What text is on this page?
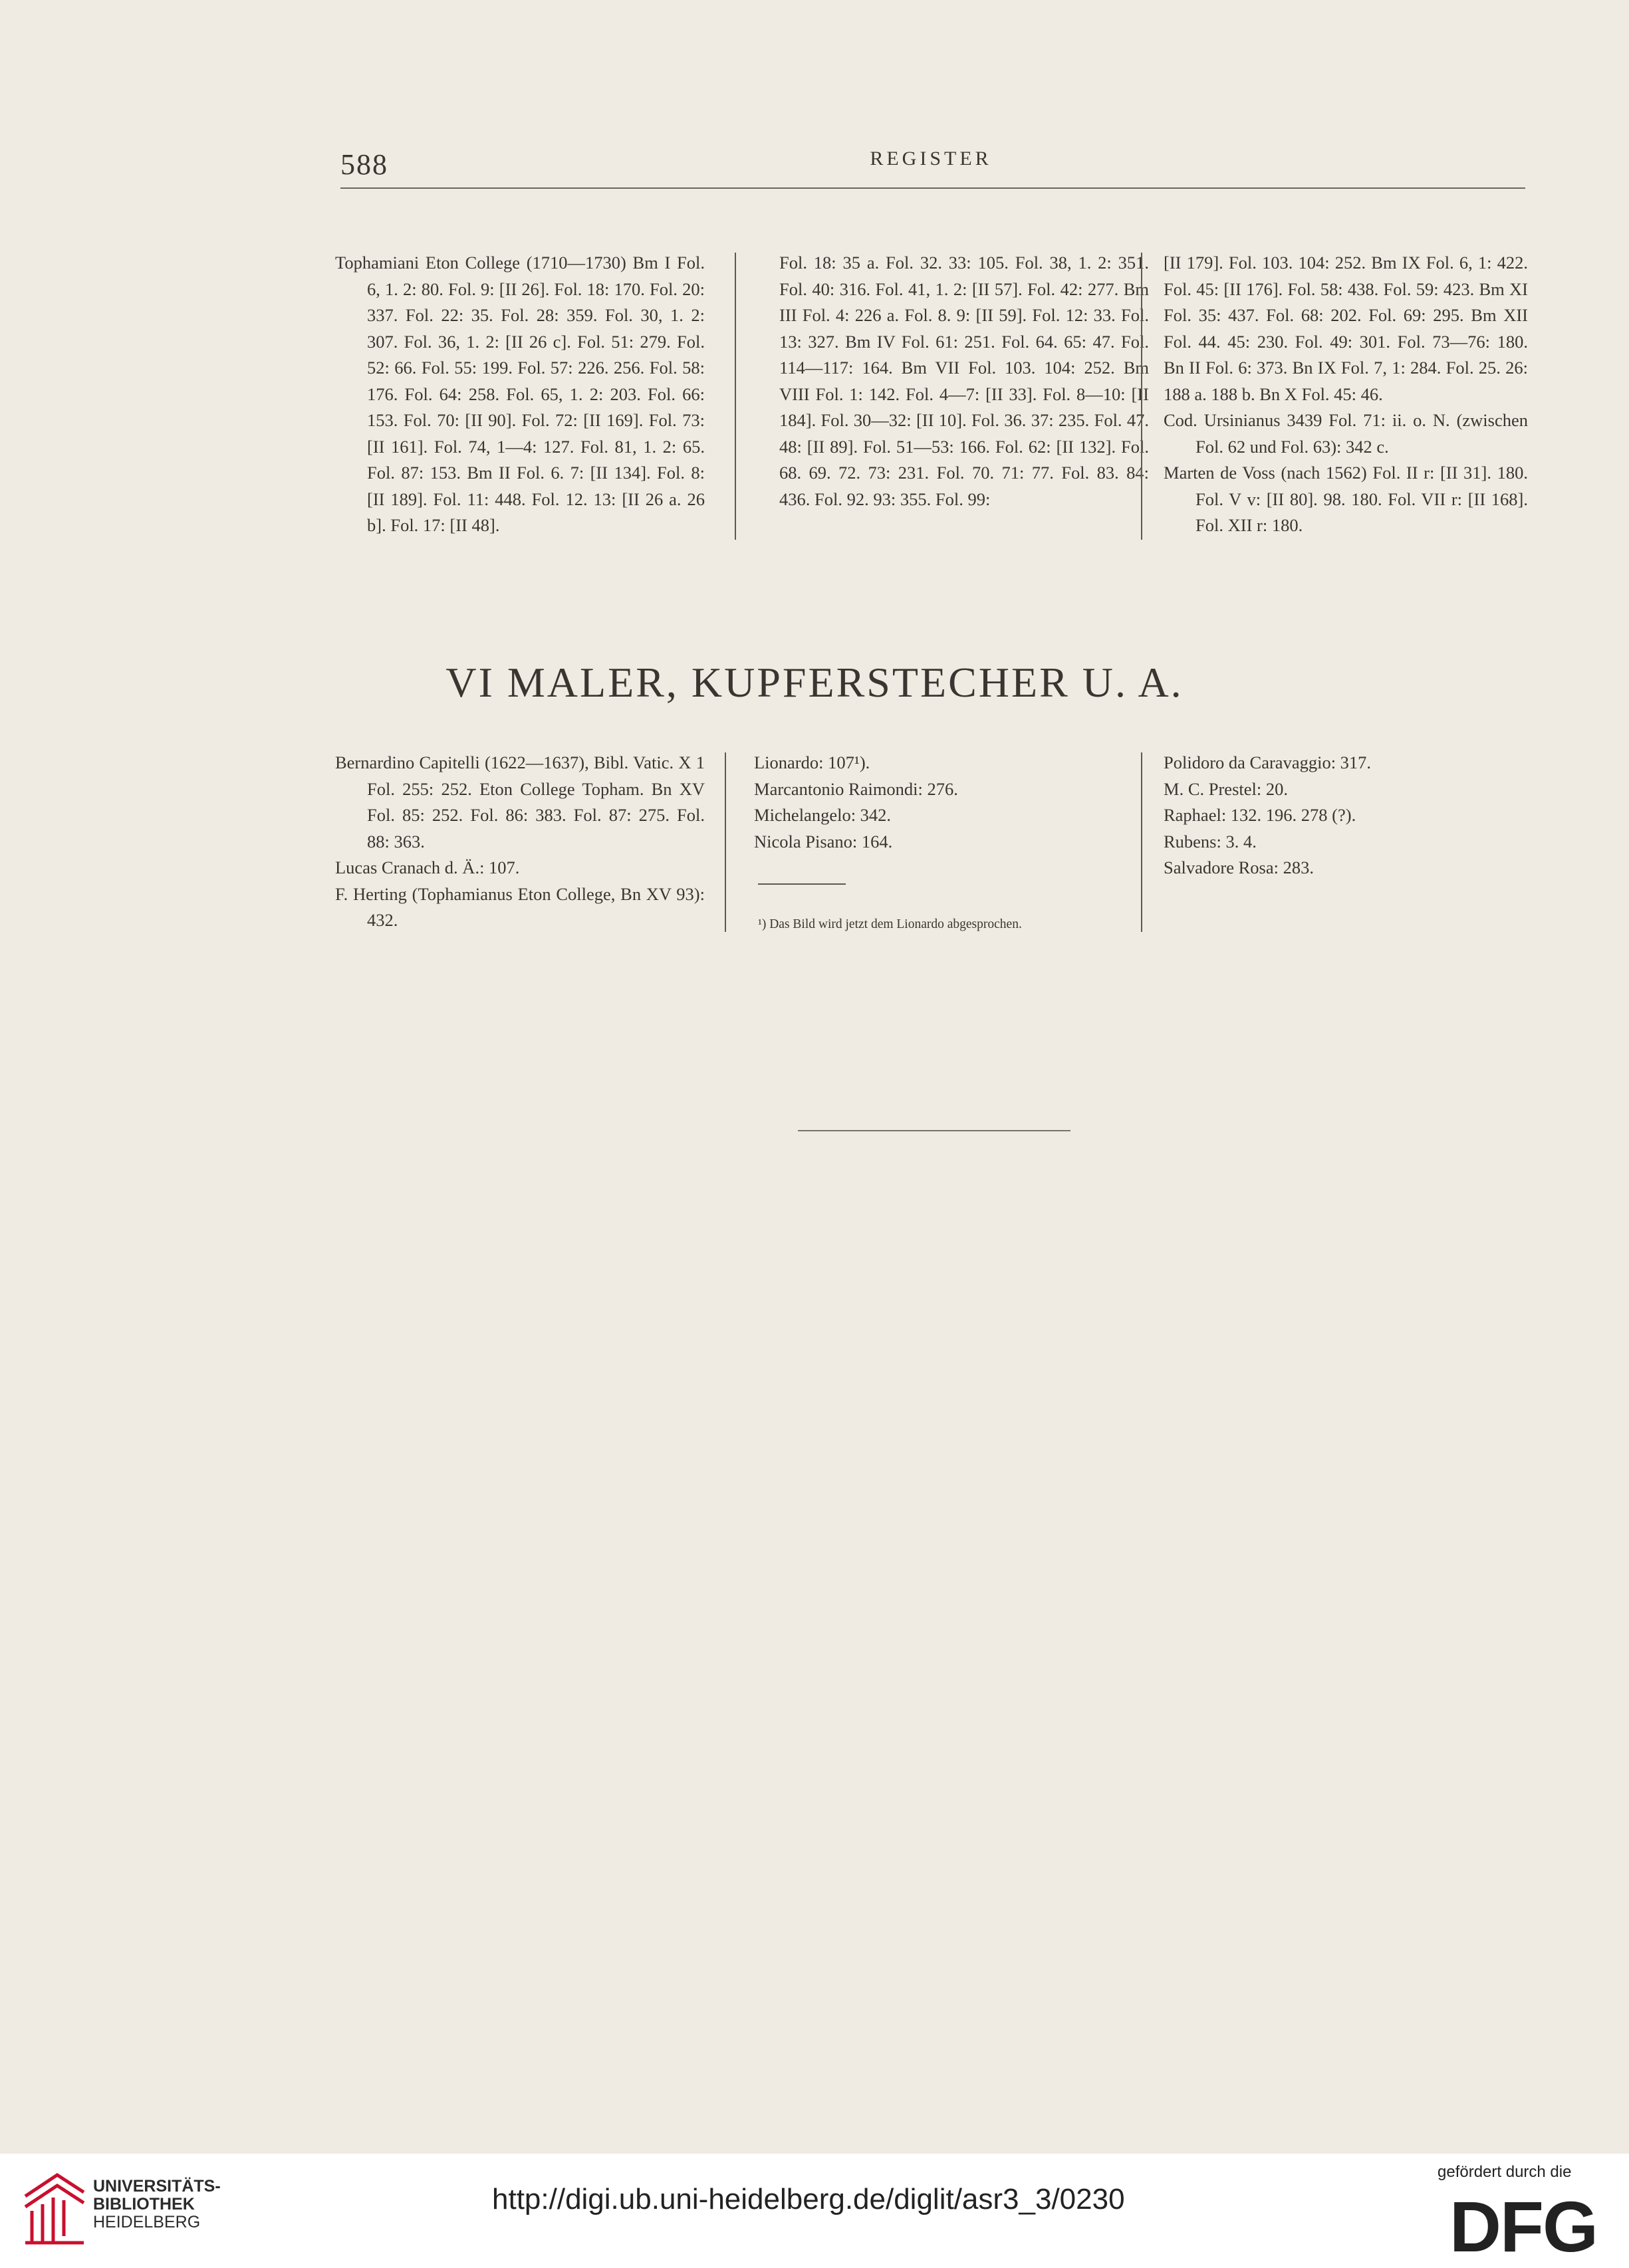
588	REGISTER

Tophamiani Eton College (1710—1730) Bm I Fol. 6, 1. 2: 80. Fol. 9: [II 26]. Fol. 18: 170. Fol. 20: 337. Fol. 22: 35. Fol. 28: 359. Fol. 30, 1. 2: 307. Fol. 36, 1. 2: [II 26 c]. Fol. 51: 279. Fol. 52: 66. Fol. 55: 199. Fol. 57: 226. 256. Fol. 58: 176. Fol. 64: 258. Fol. 65, 1. 2: 203. Fol. 66: 153. Fol. 70: [II 90]. Fol. 72: [II 169]. Fol. 73: [II 161]. Fol. 74, 1—4: 127. Fol. 81, 1. 2: 65. Fol. 87: 153. Bm II Fol. 6. 7: [II 134]. Fol. 8: [II 189]. Fol. 11: 448. Fol. 12. 13: [II 26 a. 26 b]. Fol. 17: [II 48].

Fol. 18: 35 a. Fol. 32. 33: 105. Fol. 38, 1. 2: 351. Fol. 40: 316. Fol. 41, 1. 2: [II 57]. Fol. 42: 277. Bm III Fol. 4: 226 a. Fol. 8. 9: [II 59]. Fol. 12: 33. Fol. 13: 327. Bm IV Fol. 61: 251. Fol. 64. 65: 47. Fol. 114—117: 164. Bm VII Fol. 103. 104: 252. Bm VIII Fol. 1: 142. Fol. 4—7: [II 33]. Fol. 8—10: [II 184]. Fol. 30—32: [II 10]. Fol. 36. 37: 235. Fol. 47. 48: [II 89]. Fol. 51—53: 166. Fol. 62: [II 132]. Fol. 68. 69. 72. 73: 231. Fol. 70. 71: 77. Fol. 83. 84: 436. Fol. 92. 93: 355. Fol. 99:

[II 179]. Fol. 103. 104: 252. Bm IX Fol. 6, 1: 422. Fol. 45: [II 176]. Fol. 58: 438. Fol. 59: 423. Bm XI Fol. 35: 437. Fol. 68: 202. Fol. 69: 295. Bm XII Fol. 44. 45: 230. Fol. 49: 301. Fol. 73—76: 180. Bn II Fol. 6: 373. Bn IX Fol. 7, 1: 284. Fol. 25. 26: 188 a. 188 b. Bn X Fol. 45: 46.

Cod. Ursinianus 3439 Fol. 71: ii. o. N. (zwischen Fol. 62 und Fol. 63): 342 c.

Marten de Voss (nach 1562) Fol. II r: [II 31]. 180. Fol. V v: [II 80]. 98. 180. Fol. VII r: [II 168]. Fol. XII r: 180.

VI MALER, KUPFERSTECHER U. A.

Bernardino Capitelli (1622—1637), Bibl. Vatic. X 1 Fol. 255: 252. Eton College Topham. Bn XV Fol. 85: 252. Fol. 86: 383. Fol. 87: 275. Fol. 88: 363.

Lucas Cranach d. Ä.: 107.

F. Herting (Tophamianus Eton College, Bn XV 93): 432.

Lionardo: 107¹).

Marcantonio Raimondi: 276.

Michelangelo: 342.

Nicola Pisano: 164.

¹) Das Bild wird jetzt dem Lionardo abgesprochen.

Polidoro da Caravaggio: 317.

M. C. Prestel: 20.

Raphael: 132. 196. 278 (?).

Rubens: 3. 4.

Salvadore Rosa: 283.

UNIVERSITÄTS-
BIBLIOTHEK
HEIDELBERG
http://digi.ub.uni-heidelberg.de/diglit/asr3_3/0230
gefördert durch die
DFG
